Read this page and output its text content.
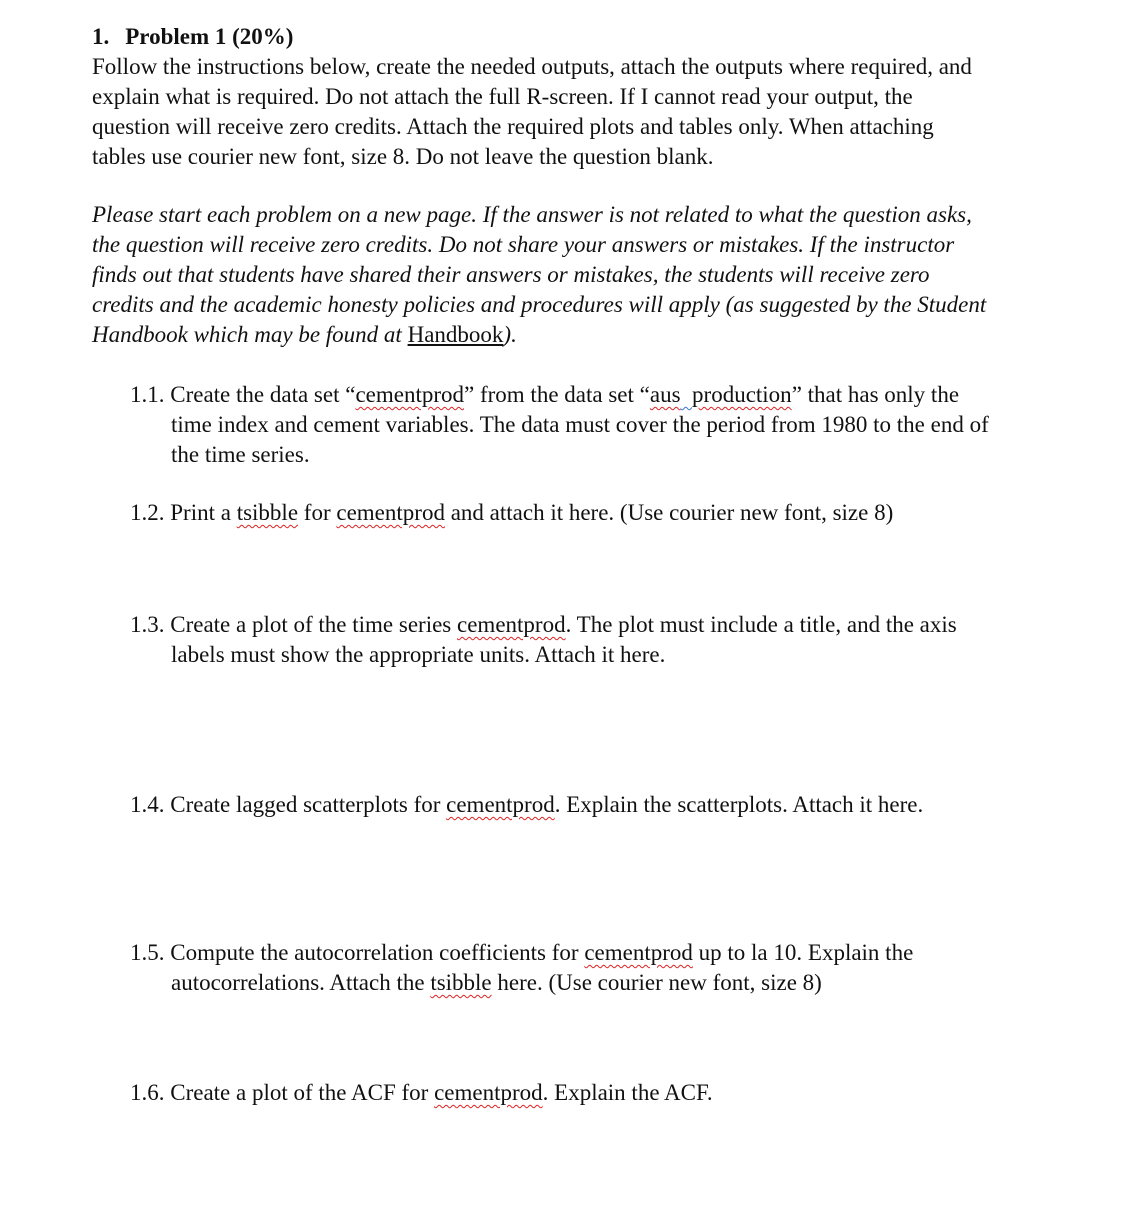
1. Problem 1 (20%)
Follow the instructions below, create the needed outputs, attach the outputs where required, and
explain what is required. Do not attach the full R-screen. If I cannot read your output, the
question will receive zero credits. Attach the required plots and tables only. When attaching
tables use courier new font, size 8. Do not leave the question blank.
Please start each problem on a new page. If the answer is not related to what the question asks,
the question will receive zero credits. Do not share your answers or mistakes. If the instructor
finds out that students have shared their answers or mistakes, the students will receive zero
credits and the academic honesty policies and procedures will apply (as suggested by the Student
Handbook which may be found at Handbook).
1.1. Create the data set “cementprod” from the data set “aus_production” that has only the
time index and cement variables. The data must cover the period from 1980 to the end of
the time series.
1.2. Print a tsibble for cementprod and attach it here. (Use courier new font, size 8)
1.3. Create a plot of the time series cementprod. The plot must include a title, and the axis
labels must show the appropriate units. Attach it here.
1.4. Create lagged scatterplots for cementprod. Explain the scatterplots. Attach it here.
1.5. Compute the autocorrelation coefficients for cementprod up to la 10. Explain the
autocorrelations. Attach the tsibble here. (Use courier new font, size 8)
1.6. Create a plot of the ACF for cementprod. Explain the ACF.
